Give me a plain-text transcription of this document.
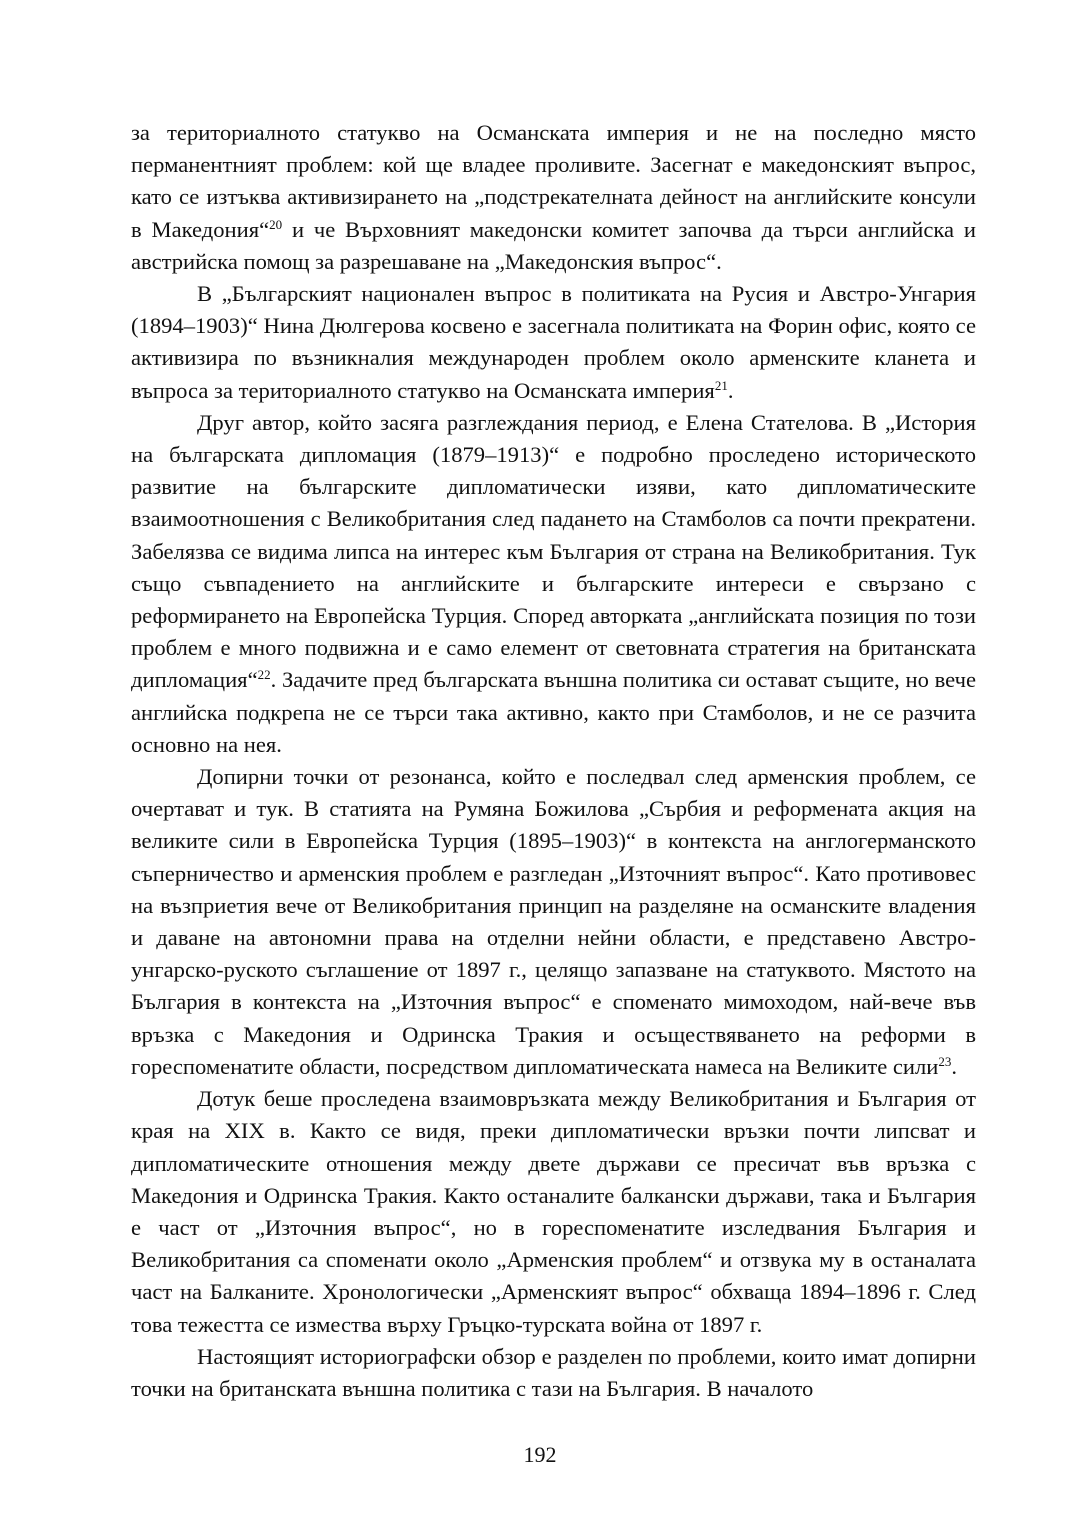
за териториалното статукво на Османската империя и не на последно място перманентният проблем: кой ще владее проливите. Засегнат е македонският въпрос, като се изтъква активизирането на „подстрекателната дейност на английските консули в Македония“$^{20}$ и че Върховният македонски комитет започва да търси английска и австрийска помощ за разрешаване на „Македонския въпрос“.

В „Българският национален въпрос в политиката на Русия и Австро-Унгария (1894–1903)“ Нина Дюлгерова косвено е засегнала политиката на Форин офис, която се активизира по възникналия международен проблем около арменските кланета и въпроса за териториалното статукво на Османската империя$^{21}$.

Друг автор, който засяга разглеждания период, е Елена Стателова. В „История на българската дипломация (1879–1913)“ е подробно проследено историческото развитие на българските дипломатически изяви, като дипломатическите взаимоотношения с Великобритания след падането на Стамболов са почти прекратени. Забелязва се видима липса на интерес към България от страна на Великобритания. Тук също съвпадението на английските и българските интереси е свързано с реформирането на Европейска Турция. Според авторката „английската позиция по този проблем е много подвижна и е само елемент от световната стратегия на британската дипломация“$^{22}$. Задачите пред българската външна политика си остават същите, но вече английска подкрепа не се търси така активно, както при Стамболов, и не се разчита основно на нея.

Допирни точки от резонанса, който е последвал след арменския проблем, се очертават и тук. В статията на Румяна Божилова „Сърбия и реформената акция на великите сили в Европейска Турция (1895–1903)“ в контекста на англогерманското съперничество и арменския проблем е разгледан „Източният въпрос“. Като противовес на възприетия вече от Великобритания принцип на разделяне на османските владения и даване на автономни права на отделни нейни области, е представено Австро-унгарско-руското съглашение от 1897 г., целящо запазване на статуквото. Мястото на България в контекста на „Източния въпрос“ е споменато мимоходом, най-вече във връзка с Македония и Одринска Тракия и осъществяването на реформи в гореспоменатите области, посредством дипломатическата намеса на Великите сили$^{23}$.

Дотук беше проследена взаимовръзката между Великобритания и България от края на XIX в. Както се видя, преки дипломатически връзки почти липсват и дипломатическите отношения между двете държави се пресичат във връзка с Македония и Одринска Тракия. Както останалите балкански държави, така и България е част от „Източния въпрос“, но в гореспоменатите изследвания България и Великобритания са споменати около „Арменския проблем“ и отзвука му в останалата част на Балканите. Хронологически „Арменският въпрос“ обхваща 1894–1896 г. След това тежестта се измества върху Гръцко-турската война от 1897 г.

Настоящият историографски обзор е разделен по проблеми, които имат допирни точки на британската външна политика с тази на България. В началото

192
